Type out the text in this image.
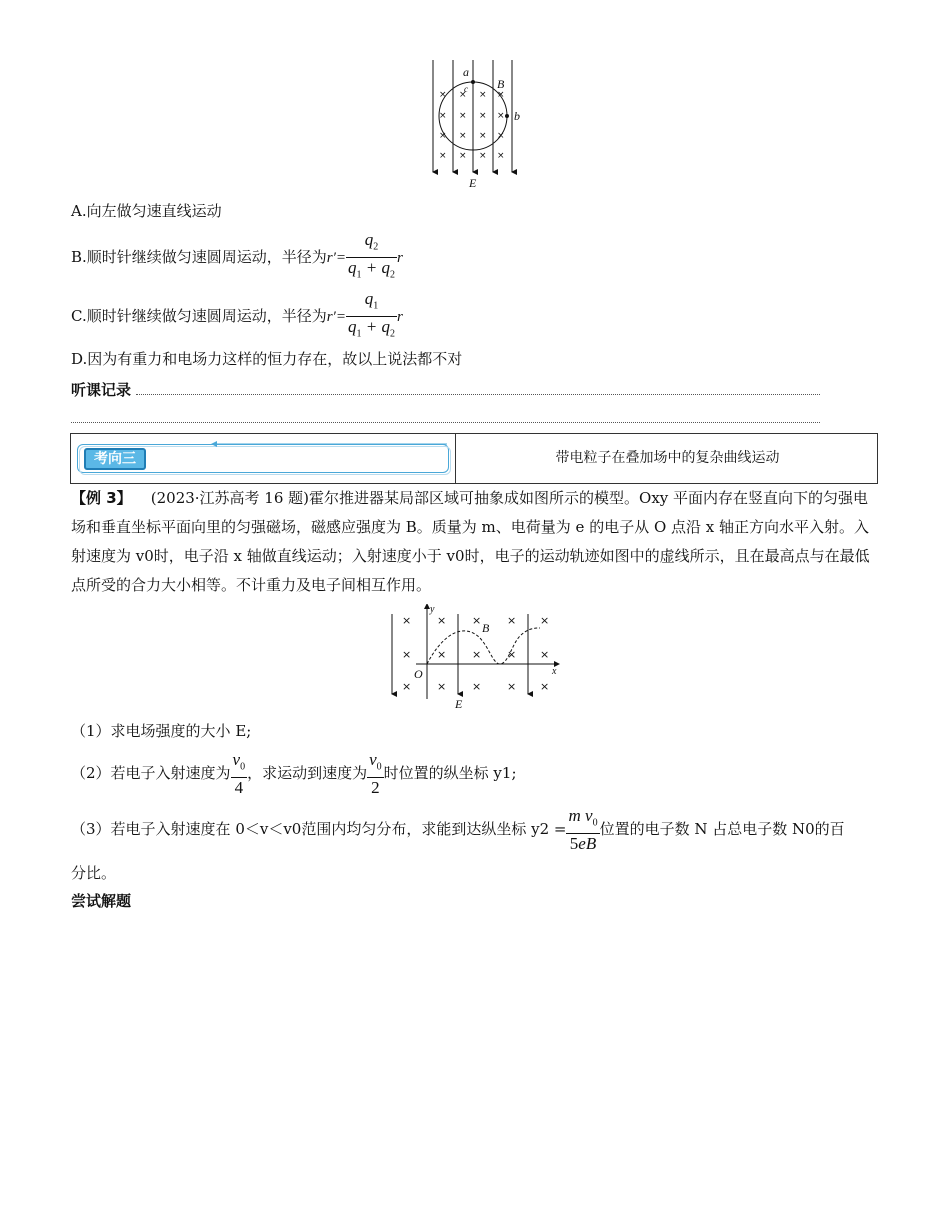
× × × ×
× × × ×
× × × ×
× × × ×
a
c B
b
E
A.向左做匀速直线运动
B.顺时针继续做匀速圆周运动，半径为$r'= \frac{q_2}{q_1 + q_2}$ r
C.顺时针继续做匀速圆周运动，半径为$r'= \frac{q_1}{q_1 + q_2}$ r
D.因为有重力和电场力这样的恒力存在，故以上说法都不对
听课记录
考向三	带电粒子在叠加场中的复杂曲线运动
【例 3】 (2023·江苏高考 16 题)霍尔推进器某局部区域可抽象成如图所示的模型。Oxy 平面内存在竖直向下的匀强电场和垂直坐标平面向里的匀强磁场，磁感应强度为 B。质量为 m、电荷量为 e 的电子从 O 点沿 x 轴正方向水平入射。入射速度为 v0时，电子沿 x 轴做直线运动；入射速度小于 v0时，电子的运动轨迹如图中的虚线所示，且在最高点与在最低点所受的合力大小相等。不计重力及电子间相互作用。
× × × × ×
× × × × ×
× × × × ×
y
B
O	x
E
（1）求电场强度的大小 E;
（2）若电子入射速度为 $\frac{v_0}{4}$ ，求运动到速度为 $\frac{v_0}{2}$ 时位置的纵坐标 y1;
（3）若电子入射速度在 0＜v＜v0范围内均匀分布，求能到达纵坐标 $y2 = \frac{m v_0}{5eB}$ 位置的电子数 N 占总电子数 N0的百
分比。
尝试解题
